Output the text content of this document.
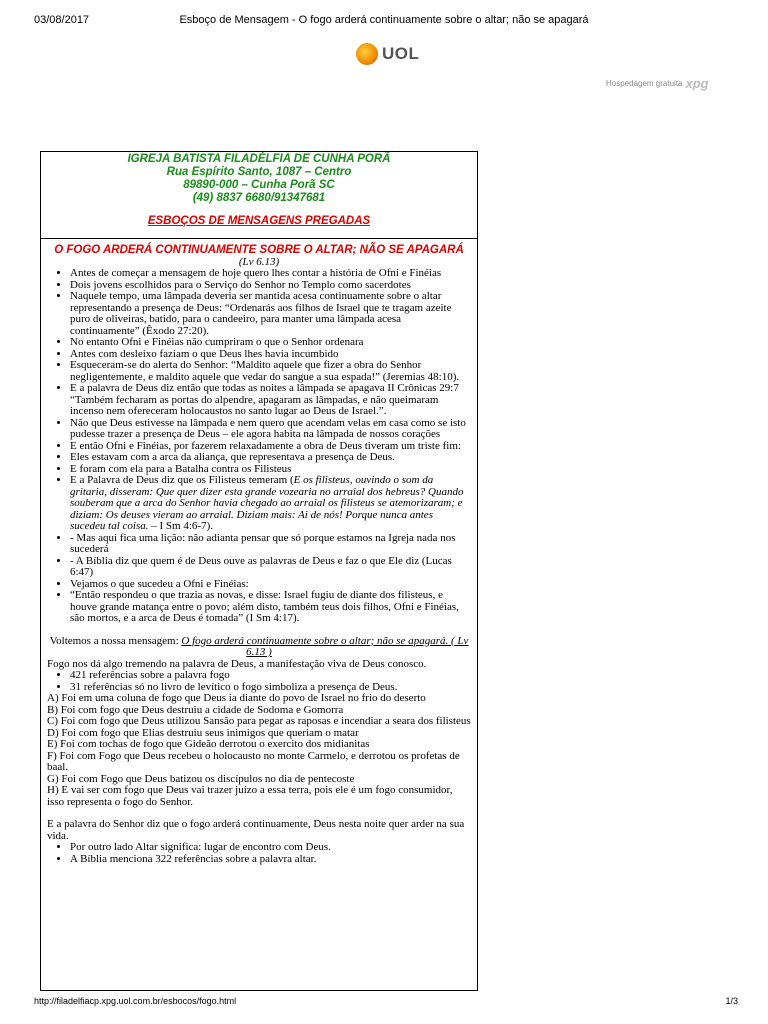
03/08/2017	Esboço de Mensagem - O fogo arderá continuamente sobre o altar; não se apagará
UOL
Hospedagem gratuita xpg
IGREJA BATISTA FILADÉLFIA DE CUNHA PORÃ
Rua Espírito Santo, 1087 – Centro
89890-000 – Cunha Porã SC
(49) 8837 6680/91347681
ESBOÇOS DE MENSAGENS PREGADAS
O FOGO ARDERÁ CONTINUAMENTE SOBRE O ALTAR; NÃO SE APAGARÁ
(Lv 6.13)
• Antes de começar a mensagem de hoje quero lhes contar a história de Ofni e Finéias
• Dois jovens escolhidos para o Serviço do Senhor no Templo como sacerdotes
• Naquele tempo, uma lâmpada deveria ser mantida acesa continuamente sobre o altar representando a presença de Deus: “Ordenarás aos filhos de Israel que te tragam azeite puro de oliveiras, batido, para o candeeiro, para manter uma lâmpada acesa continuamente” (Êxodo 27:20).
• No entanto Ofni e Finéias não cumpriram o que o Senhor ordenara
• Antes com desleixo faziam o que Deus lhes havia incumbido
• Esqueceram-se do alerta do Senhor: “Maldito aquele que fizer a obra do Senhor negligentemente, e maldito aquele que vedar do sangue a sua espada!” (Jeremias 48:10).
• E a palavra de Deus diz então que todas as noites a lâmpada se apagava II Crônicas 29:7 “Também fecharam as portas do alpendre, apagaram as lâmpadas, e não queimaram incenso nem ofereceram holocaustos no santo lugar ao Deus de Israel.”.
• Não que Deus estivesse na lâmpada e nem quero que acendam velas em casa como se isto pudesse trazer a presença de Deus – ele agora habita na lâmpada de nossos corações
• E então Ofni e Finéias, por fazerem relaxadamente a obra de Deus tiveram um triste fim:
• Eles estavam com a arca da aliança, que representava a presença de Deus.
• E foram com ela para a Batalha contra os Filisteus
• E a Palavra de Deus diz que os Filisteus temeram (E os filisteus, ouvindo o som da gritaria, disseram: Que quer dizer esta grande vozearia no arraial dos hebreus? Quando souberam que a arca do Senhor havia chegado ao arraial os filisteus se atemorizaram; e diziam: Os deuses vieram ao arraial. Diziam mais: Ai de nós! Porque nunca antes sucedeu tal coisa. – I Sm 4:6-7).
• - Mas aqui fica uma lição: não adianta pensar que só porque estamos na Igreja nada nos sucederá
• - A Bíblia diz que quem é de Deus ouve as palavras de Deus e faz o que Ele diz (Lucas 6:47)
• Vejamos o que sucedeu a Ofni e Finéias:
• “Então respondeu o que trazia as novas, e disse: Israel fugiu de diante dos filisteus, e houve grande matança entre o povo; além disto, também teus dois filhos, Ofni e Finéias, são mortos, e a arca de Deus é tomada” (I Sm 4:17).
Voltemos a nossa mensagem: O fogo arderá continuamente sobre o altar; não se apagará. ( Lv 6.13 )

Fogo nos dá algo tremendo na palavra de Deus, a manifestação viva de Deus conosco.

• 421 referências sobre a palavra fogo
• 31 referências só no livro de levítico o fogo simboliza a presença de Deus.
A) Foi em uma coluna de fogo que Deus ia diante do povo de Israel no frio do deserto
B) Foi com fogo que Deus destruiu a cidade de Sodoma e Gomorra
C) Foi com fogo que Deus utilizou Sansão para pegar as raposas e incendiar a seara dos filisteus
D) Foi com fogo que Elias destruiu seus inimigos que queriam o matar
E) Foi com tochas de fogo que Gideão derrotou o exercito dos midianitas
F) Foi com Fogo que Deus recebeu o holocausto no monte Carmelo, e derrotou os profetas de baal.
G) Foi com Fogo que Deus batizou os discípulos no dia de pentecoste
H) E vai ser com fogo que Deus vai trazer juízo a essa terra, pois ele é um fogo consumidor, isso representa o fogo do Senhor.

E a palavra do Senhor diz que o fogo arderá continuamente, Deus nesta noite quer arder na sua vida.

• Por outro lado Altar significa: lugar de encontro com Deus.
• A Bíblia menciona 322 referências sobre a palavra altar.
http://filadelfiacp.xpg.uol.com.br/esbocos/fogo.html	1/3
